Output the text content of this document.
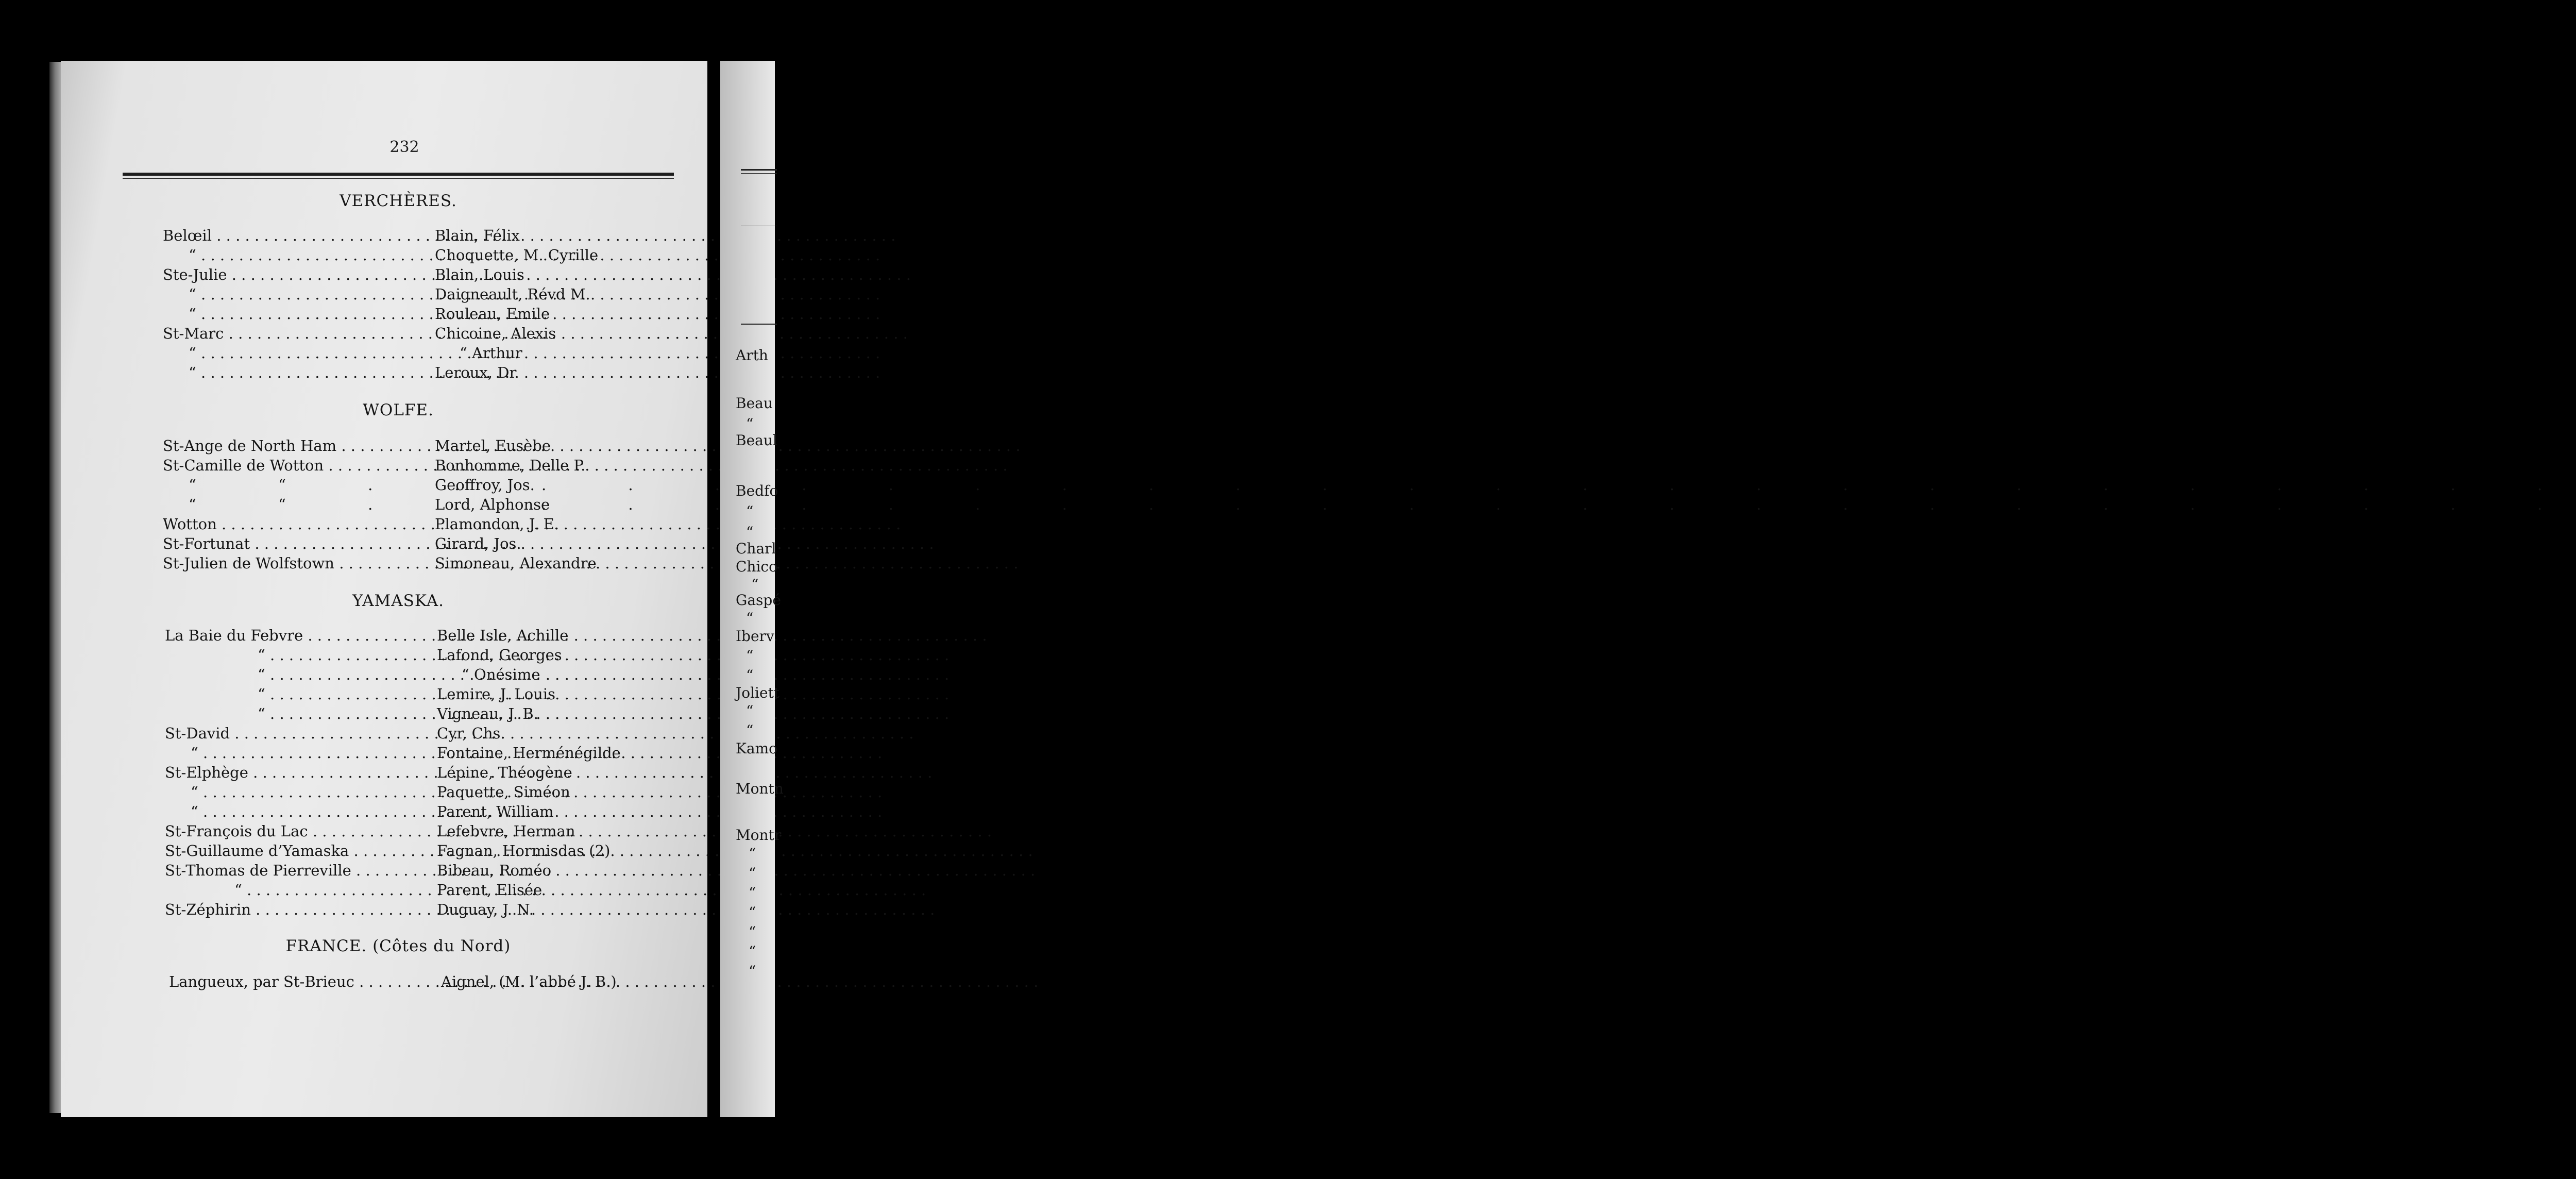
232
VERCHÈRES.
Belœil . . .	Blain, Félix
“ . . .	Choquette, M. Cyrille
Ste-Julie . . .	Blain, Louis
“ . . .	Daigneault, Révd M.
“ . . .	Rouleau, Emile
St-Marc . . .	Chicoine, Alexis
“ . . .	“ Arthur
“ . . .	Leroux, Dr
WOLFE.
St-Ange de North Ham . . .	Martel, Eusèbe
St-Camille de Wotton . . .	Bonhomme, Delle P.
“ “ . . .	Geoffroy, Jos.
“ “ . . .	Lord, Alphonse
Wotton . . .	Plamondon, J. E.
St-Fortunat . . .	Girard, Jos.
St-Julien de Wolfstown . . .	Simoneau, Alexandre
YAMASKA.
La Baie du Febvre . . .	Belle Isle, Achille
“ . . .	Lafond, Georges
“ . . .	“ Onésime
“ . . .	Lemire, J. Louis
“ . . .	Vigneau, J. B.
St-David . . .	Cyr, Chs.
“ . . .	Fontaine, Herménégilde
St-Elphège . . .	Lépine, Théogène
“ . . .	Paquette, Siméon
“ . . .	Parent, William
St-François du Lac . . .	Lefebvre, Herman
St-Guillaume d’Yamaska . . .	Fagnan, Hormisdas (2)
St-Thomas de Pierreville . . .	Bibeau, Roméo
“ . . .	Parent, Elisée
St-Zéphirin . . .	Duguay, J. N.
FRANCE. (Côtes du Nord)
Langueux, par St-Brieuc . . .	Aignel, (M. l’abbé J. B.)
Arth
Beau
“
Beaul
Bedfo
“
“
Charl
Chico
“
Gaspé
“
Iberv
“
“
Joliett
“
“
Kamo
Montn
Montr
“
“
“
“
“
“
“
